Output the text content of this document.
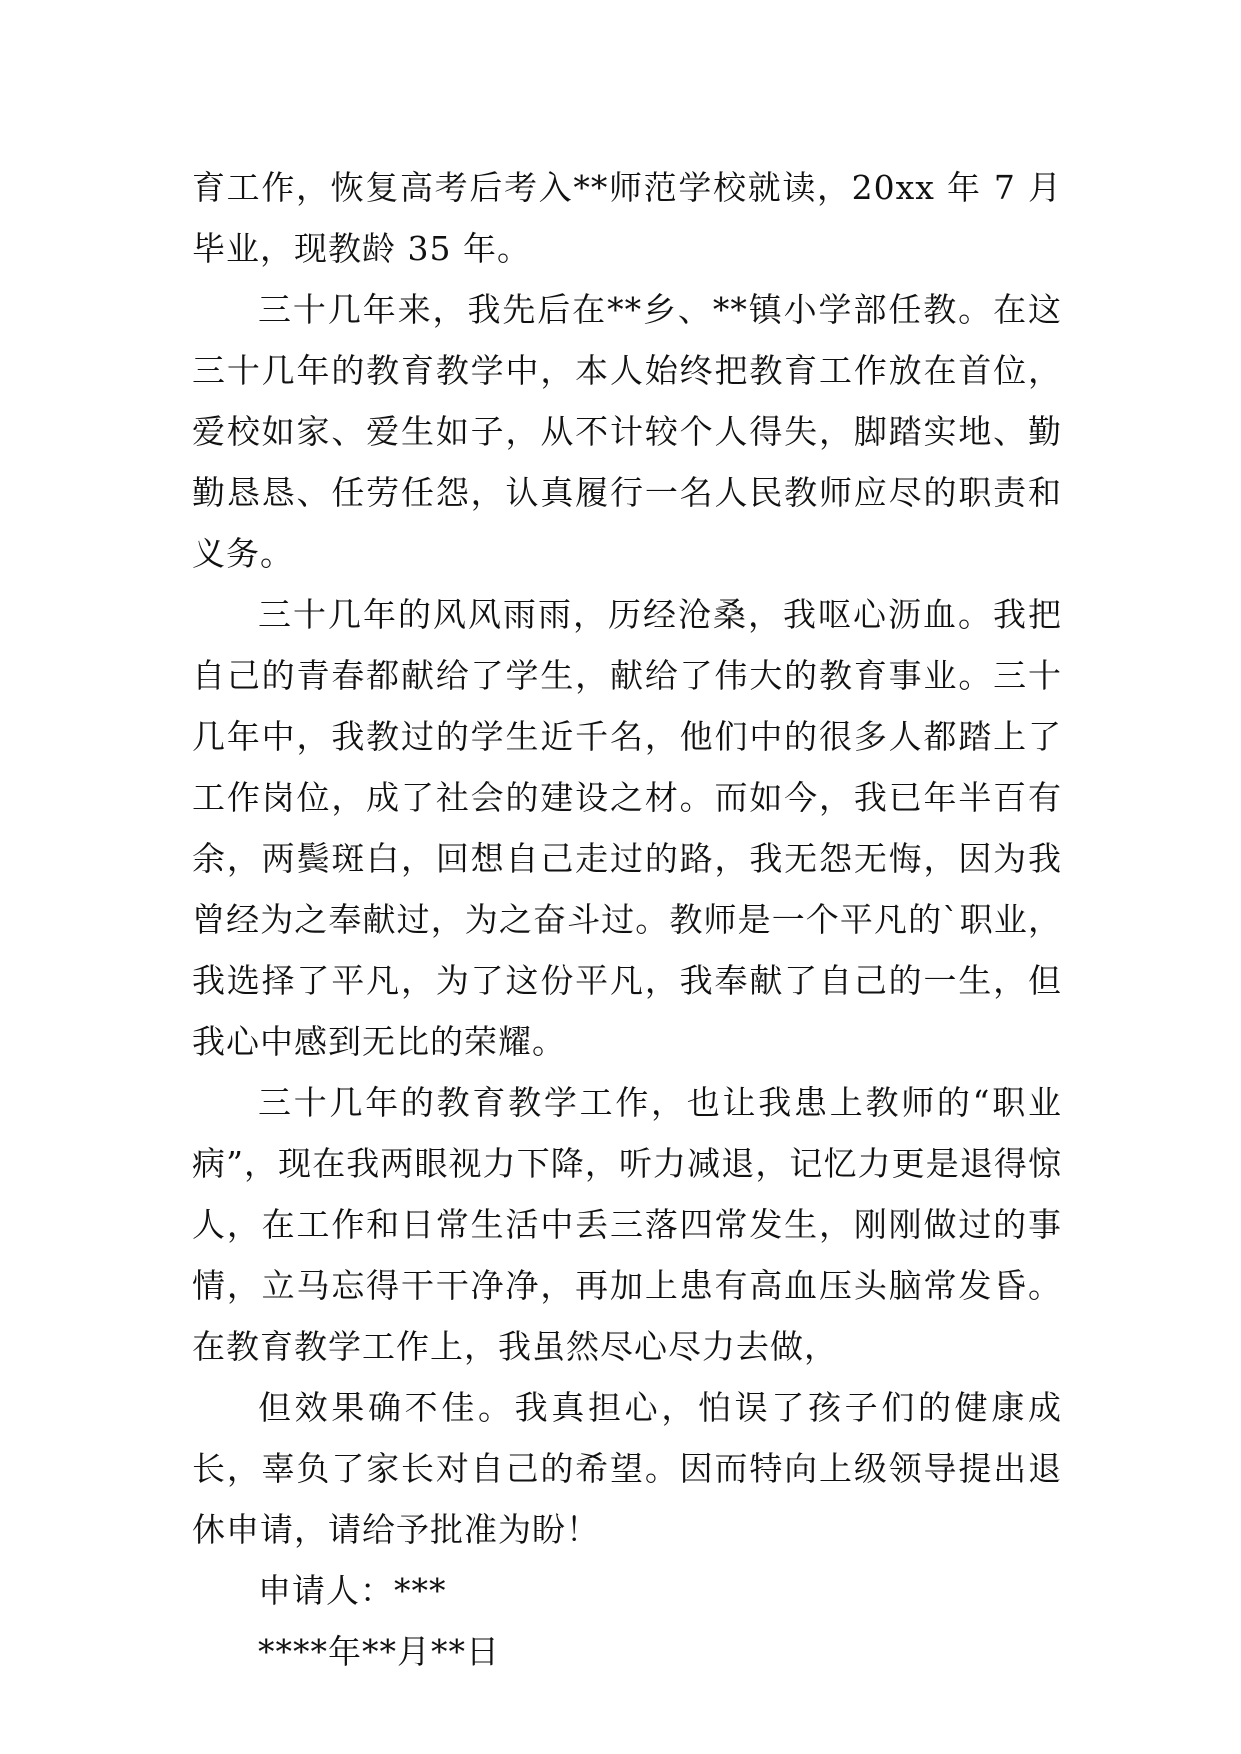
育工作，恢复高考后考入**师范学校就读，20xx 年 7 月毕业，现教龄 35 年。

三十几年来，我先后在**乡、**镇小学部任教。在这三十几年的教育教学中，本人始终把教育工作放在首位，爱校如家、爱生如子，从不计较个人得失，脚踏实地、勤勤恳恳、任劳任怨，认真履行一名人民教师应尽的职责和义务。

三十几年的风风雨雨，历经沧桑，我呕心沥血。我把自己的青春都献给了学生，献给了伟大的教育事业。三十几年中，我教过的学生近千名，他们中的很多人都踏上了工作岗位，成了社会的建设之材。而如今，我已年半百有余，两鬓斑白，回想自己走过的路，我无怨无悔，因为我曾经为之奉献过，为之奋斗过。教师是一个平凡的`职业，我选择了平凡，为了这份平凡，我奉献了自己的一生，但我心中感到无比的荣耀。

三十几年的教育教学工作，也让我患上教师的“职业病”，现在我两眼视力下降，听力减退，记忆力更是退得惊人，在工作和日常生活中丢三落四常发生，刚刚做过的事情，立马忘得干干净净，再加上患有高血压头脑常发昏。在教育教学工作上，我虽然尽心尽力去做，

但效果确不佳。我真担心，怕误了孩子们的健康成长，辜负了家长对自己的希望。因而特向上级领导提出退休申请，请给予批准为盼！

申请人：***

****年**月**日
